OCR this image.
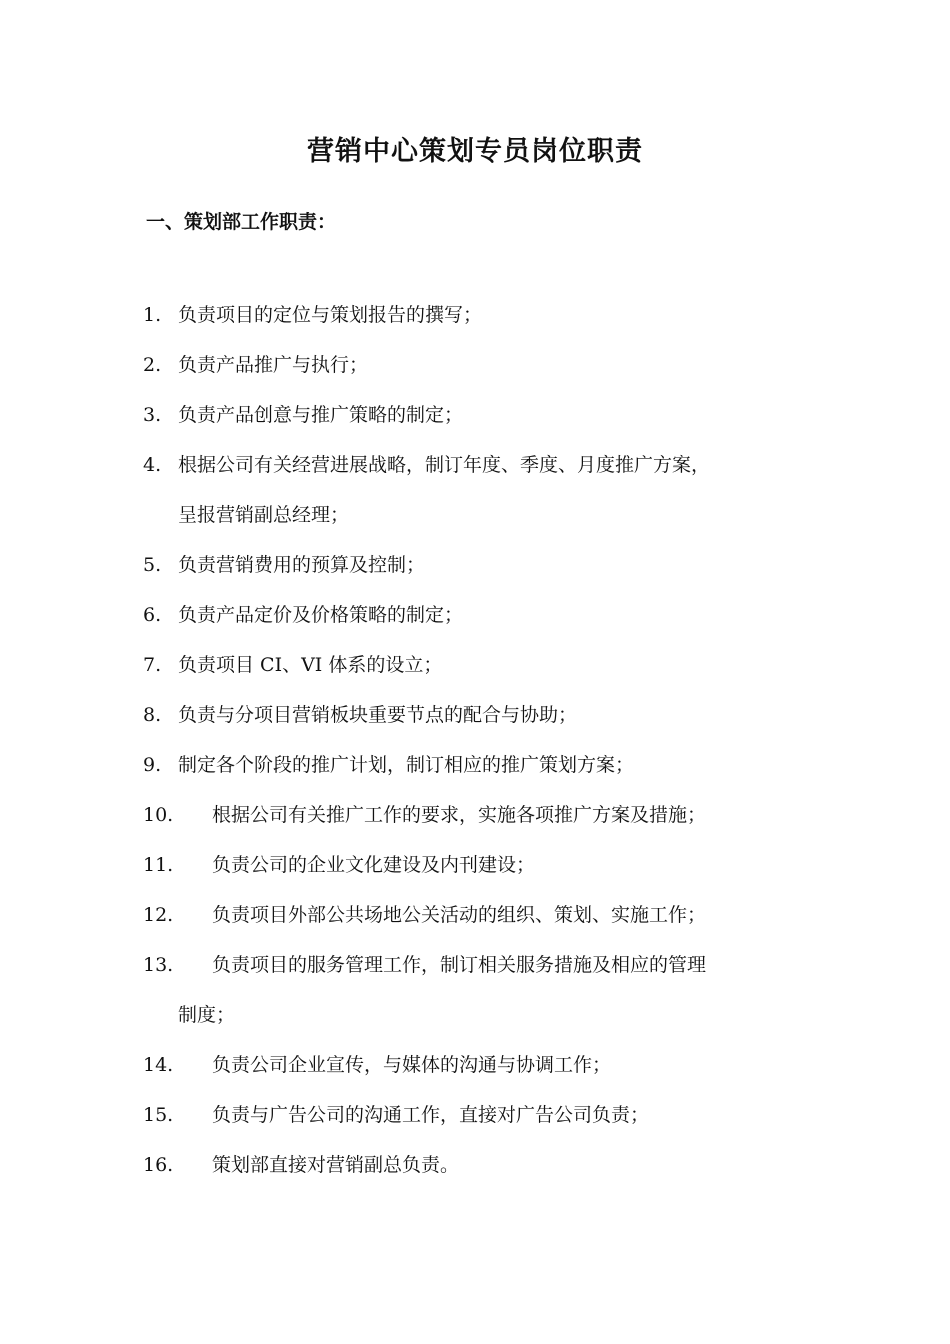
营销中心策划专员岗位职责
一、策划部工作职责：
1. 负责项目的定位与策划报告的撰写；
2. 负责产品推广与执行；
3. 负责产品创意与推广策略的制定；
4. 根据公司有关经营进展战略，制订年度、季度、月度推广方案，
呈报营销副总经理；
5. 负责营销费用的预算及控制；
6. 负责产品定价及价格策略的制定；
7. 负责项目 CI、VI 体系的设立；
8. 负责与分项目营销板块重要节点的配合与协助；
9. 制定各个阶段的推广计划，制订相应的推广策划方案；
10. 根据公司有关推广工作的要求，实施各项推广方案及措施；
11. 负责公司的企业文化建设及内刊建设；
12. 负责项目外部公共场地公关活动的组织、策划、实施工作；
13. 负责项目的服务管理工作，制订相关服务措施及相应的管理
制度；
14. 负责公司企业宣传，与媒体的沟通与协调工作；
15. 负责与广告公司的沟通工作，直接对广告公司负责；
16. 策划部直接对营销副总负责。
